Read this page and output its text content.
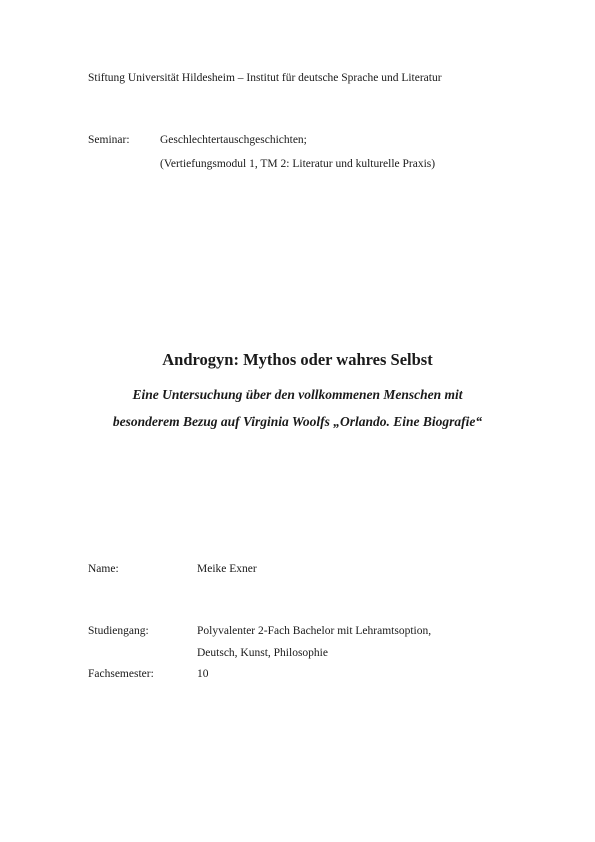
Stiftung Universität Hildesheim – Institut für deutsche Sprache und Literatur
Seminar:	Geschlechtertauschgeschichten;
(Vertiefungsmodul 1, TM 2: Literatur und kulturelle Praxis)
Androgyn: Mythos oder wahres Selbst
Eine Untersuchung über den vollkommenen Menschen mit
besonderem Bezug auf Virginia Woolfs „Orlando. Eine Biografie“
Name:	Meike Exner
Studiengang:	Polyvalenter 2-Fach Bachelor mit Lehramtsoption,
Deutsch, Kunst, Philosophie
Fachsemester:	10
